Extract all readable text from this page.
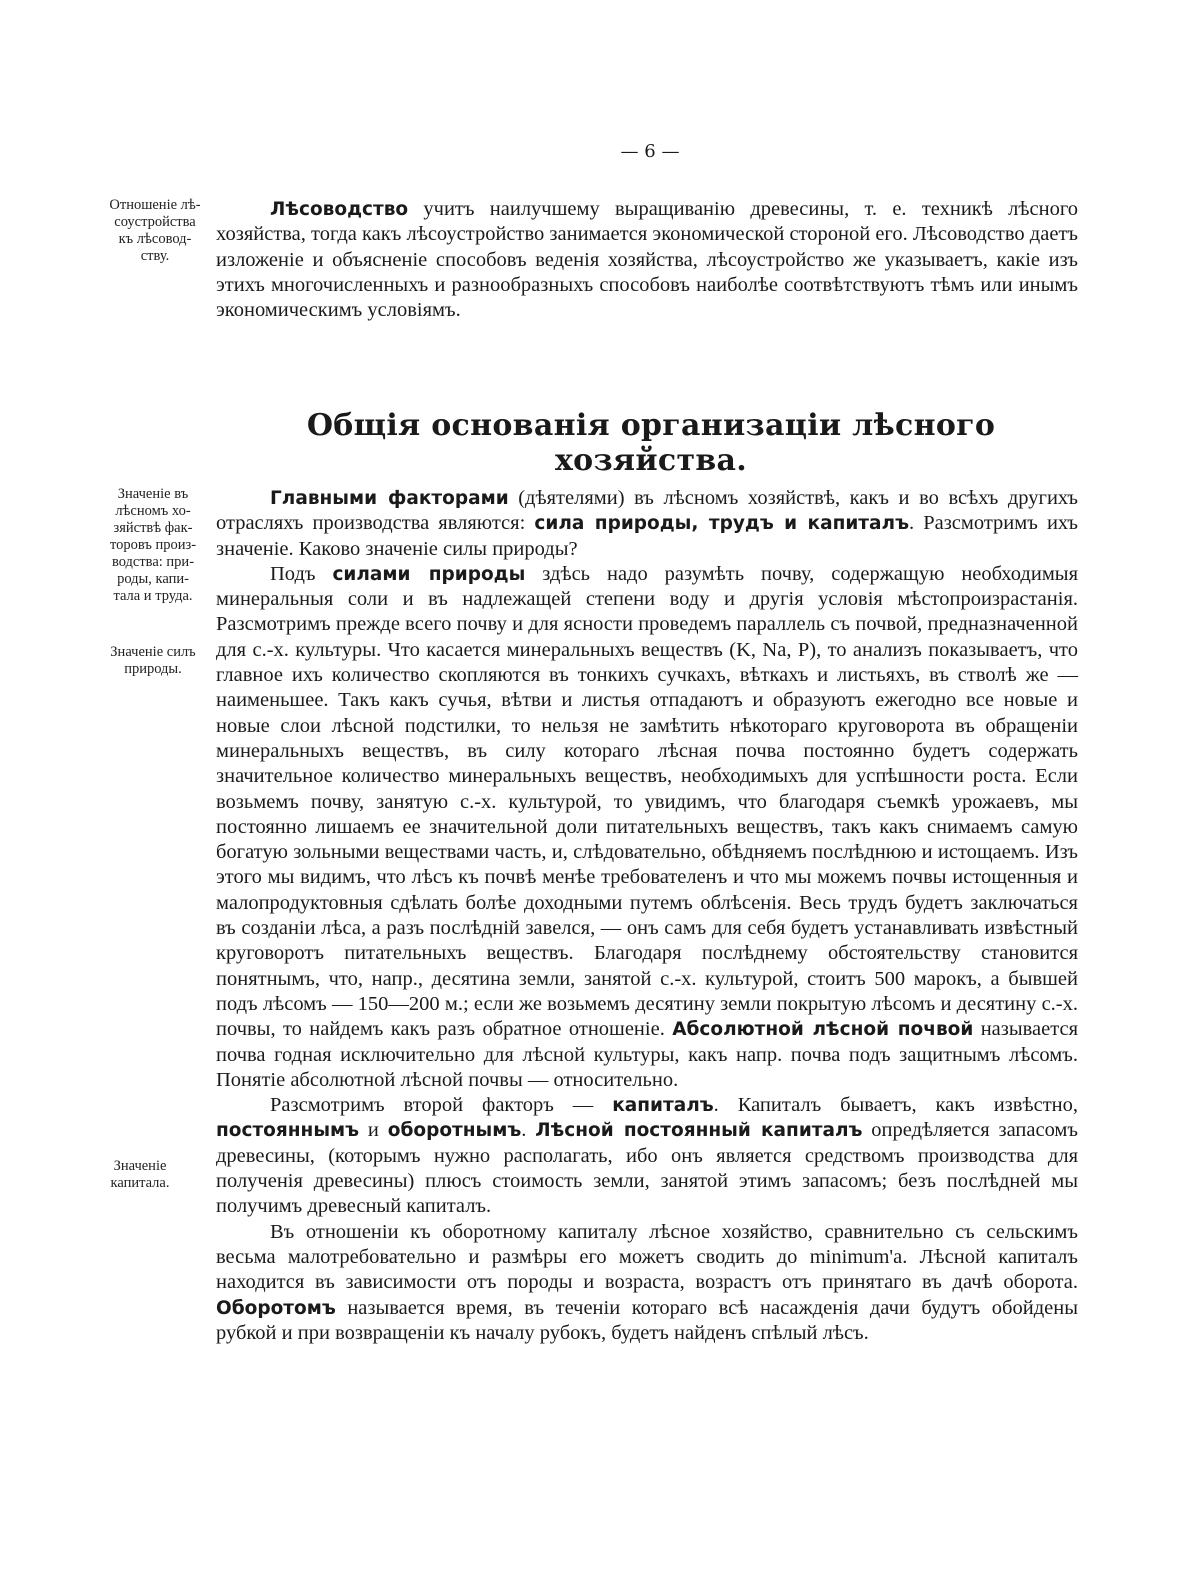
— 6 —
Отношеніе лѣ-
соустройства
къ лѣсовод-
ству.
Значеніе въ
лѣсномъ хо-
зяйствѣ фак-
торовъ произ-
водства: при-
роды, капи-
тала и труда.
Значеніе силъ
природы.
Значеніе
капитала.

Лѣсоводство учитъ наилучшему выращиванію древесины, т. е. техникѣ лѣсного хозяйства, тогда какъ лѣсоустройство занимается экономической стороной его. Лѣсоводство даетъ изложеніе и объясненіе способовъ веденія хозяйства, лѣсоустройство же указываетъ, какіе изъ этихъ многочисленныхъ и разнообразныхъ способовъ наиболѣе соотвѣтствуютъ тѣмъ или инымъ экономическимъ условіямъ.

Общія основанія организаціи лѣсного хозяйства.

Главными факторами (дѣятелями) въ лѣсномъ хозяйствѣ, какъ и во всѣхъ другихъ отрасляхъ производства являются: сила природы, трудъ и капиталъ. Разсмотримъ ихъ значеніе. Каково значеніе силы природы?

Подъ силами природы здѣсь надо разумѣть почву, содержащую необходимыя минеральныя соли и въ надлежащей степени воду и другія условія мѣстопроизрастанія. Разсмотримъ прежде всего почву и для ясности проведемъ параллель съ почвой, предназначенной для с.-х. культуры. Что касается минеральныхъ веществъ (K, Na, P), то анализъ показываетъ, что главное ихъ количество скопляются въ тонкихъ сучкахъ, вѣткахъ и листьяхъ, въ стволѣ же — наименьшее. Такъ какъ сучья, вѣтви и листья отпадаютъ и образуютъ ежегодно все новые и новые слои лѣсной подстилки, то нельзя не замѣтить нѣкотораго круговорота въ обращеніи минеральныхъ веществъ, въ силу котораго лѣсная почва постоянно будетъ содержать значительное количество минеральныхъ веществъ, необходимыхъ для успѣшности роста. Если возьмемъ почву, занятую с.-х. культурой, то увидимъ, что благодаря съемкѣ урожаевъ, мы постоянно лишаемъ ее значительной доли питательныхъ веществъ, такъ какъ снимаемъ самую богатую зольными веществами часть, и, слѣдовательно, обѣдняемъ послѣднюю и истощаемъ. Изъ этого мы видимъ, что лѣсъ къ почвѣ менѣе требователенъ и что мы можемъ почвы истощенныя и малопродуктовныя сдѣлать болѣе доходными путемъ облѣсенія. Весь трудъ будетъ заключаться въ созданіи лѣса, а разъ послѣдній завелся, — онъ самъ для себя будетъ устанавливать извѣстный круговоротъ питательныхъ веществъ. Благодаря послѣднему обстоятельству становится понятнымъ, что, напр., десятина земли, занятой с.-х. культурой, стоитъ 500 марокъ, а бывшей подъ лѣсомъ — 150—200 м.; если же возьмемъ десятину земли покрытую лѣсомъ и десятину с.-х. почвы, то найдемъ какъ разъ обратное отношеніе. Абсолютной лѣсной почвой называется почва годная исключительно для лѣсной культуры, какъ напр. почва подъ защитнымъ лѣсомъ. Понятіе абсолютной лѣсной почвы — относительно.

Разсмотримъ второй факторъ — капиталъ. Капиталъ бываетъ, какъ извѣстно, постояннымъ и оборотнымъ. Лѣсной постоянный капиталъ опредѣляется запасомъ древесины, (которымъ нужно располагать, ибо онъ является средствомъ производства для полученія древесины) плюсъ стоимость земли, занятой этимъ запасомъ; безъ послѣдней мы получимъ древесный капиталъ.

Въ отношеніи къ оборотному капиталу лѣсное хозяйство, сравнительно съ сельскимъ весьма малотребовательно и размѣры его можетъ сводить до minimum'а. Лѣсной капиталъ находится въ зависимости отъ породы и возраста, возрастъ отъ принятаго въ дачѣ оборота. Оборотомъ называется время, въ теченіи котораго всѣ насажденія дачи будутъ обойдены рубкой и при возвращеніи къ началу рубокъ, будетъ найденъ спѣлый лѣсъ.
